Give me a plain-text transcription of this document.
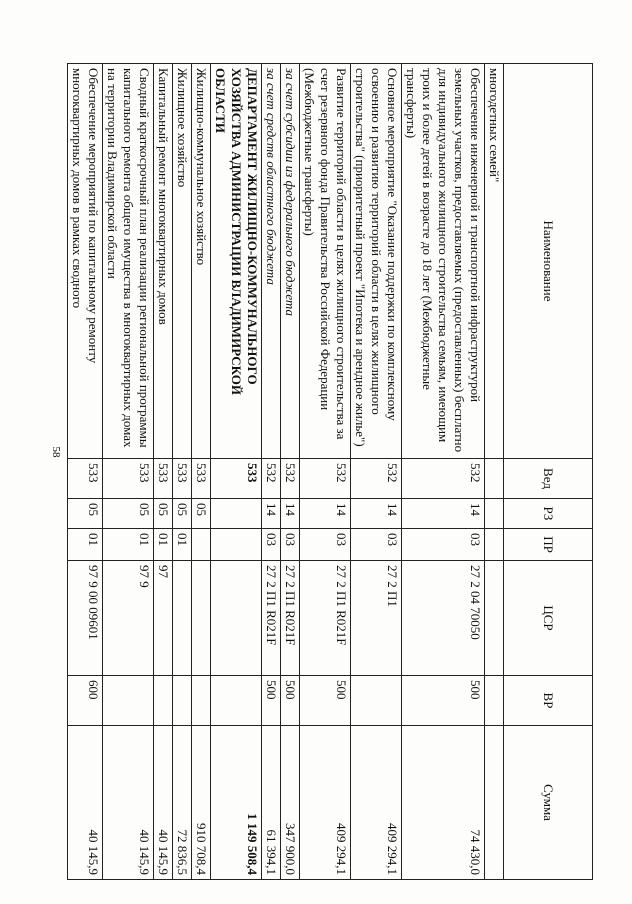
58
Наименование	Вед	РЗ	ПР	ЦСР	ВР	Сумма
многодетных семей"						
Обеспечение инженерной и транспортной инфраструктурой земельных участков, предоставляемых (предоставленных) бесплатно для индивидуального жилищного строительства семьям, имеющим троих и более детей в возрасте до 18 лет (Межбюджетные трансферты)	532	14	03	27 2 04 70050	500	74 430,0
Основное мероприятие "Оказание поддержки по комплексному освоению и развитию территорий области в целях жилищного строительства" (приоритетный проект "Ипотека и арендное жилье")	532	14	03	27 2 П1		409 294,1
Развитие территорий области в целях жилищного строительства за счет резервного фонда Правительства Российской Федерации (Межбюджетные трансферты)	532	14	03	27 2 П1 R021F	500	409 294,1
за счет субсидии из федерального бюджета	532	14	03	27 2 П1 R021F	500	347 900,0
за счет средств областного бюджета	532	14	03	27 2 П1 R021F	500	61 394,1
ДЕПАРТАМЕНТ ЖИЛИЩНО-КОММУНАЛЬНОГО ХОЗЯЙСТВА АДМИНИСТРАЦИИ ВЛАДИМИРСКОЙ ОБЛАСТИ	533					1 149 508,4
Жилищно-коммунальное хозяйство	533	05				910 708,4
Жилищное хозяйство	533	05	01			72 836,5
Капитальный ремонт многоквартирных домов	533	05	01	97		40 145,9
Сводный краткосрочный план реализации региональной программы капитального ремонта общего имущества в многоквартирных домах на территории Владимирской области	533	05	01	97 9		40 145,9
Обеспечение мероприятий по капитальному ремонту многоквартирных домов в рамках сводного	533	05	01	97 9 00 09601	600	40 145,9
